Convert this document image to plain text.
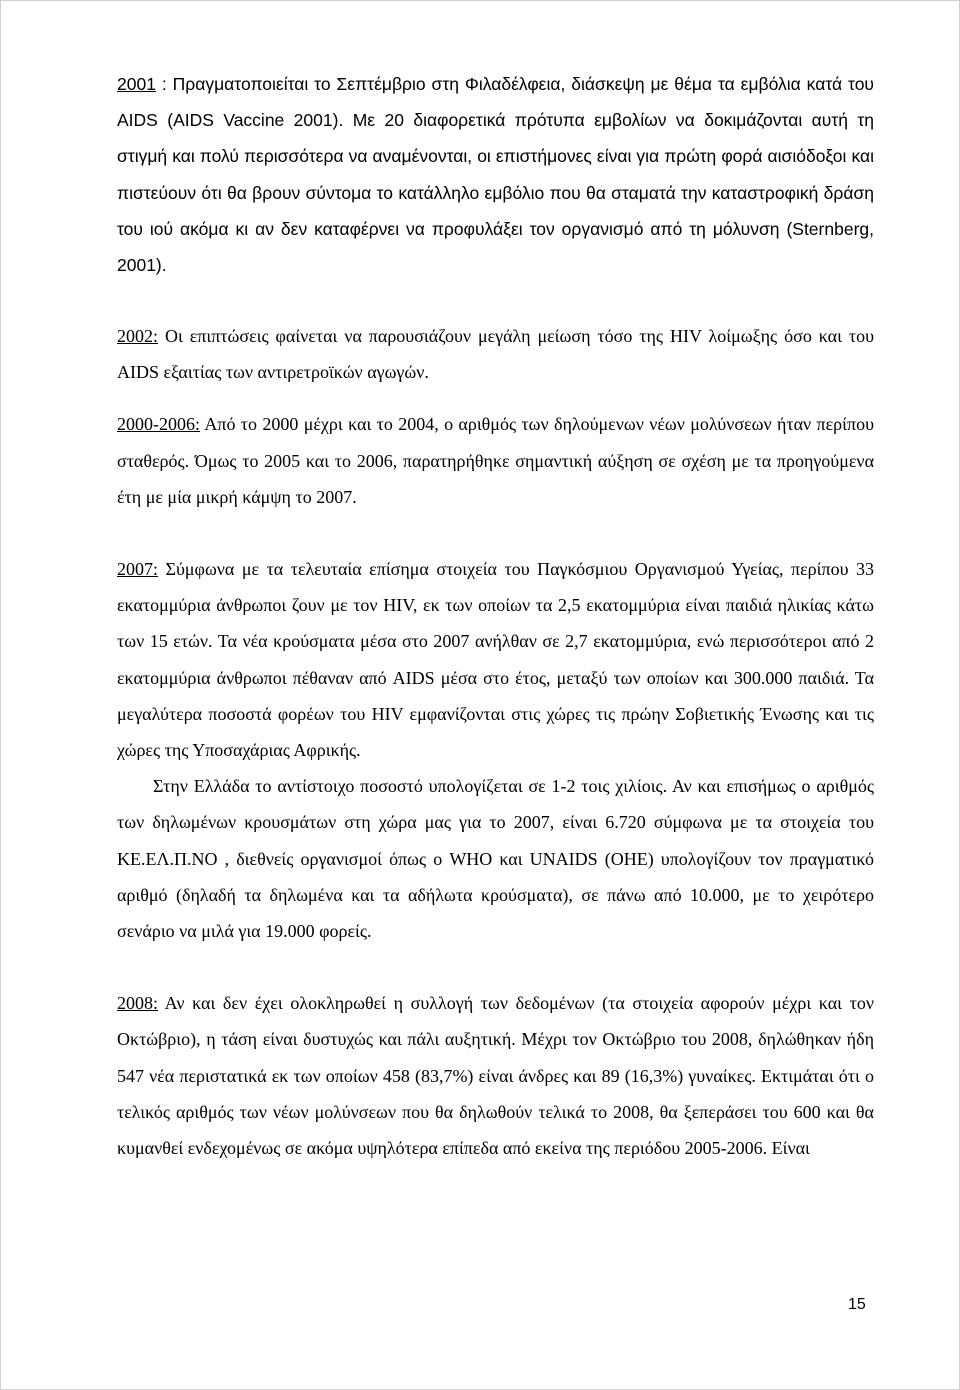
2001 : Πραγματοποιείται το Σεπτέμβριο στη Φιλαδέλφεια, διάσκεψη με θέμα τα εμβόλια κατά του AIDS (AIDS Vaccine 2001). Με 20 διαφορετικά πρότυπα εμβολίων να δοκιμάζονται αυτή τη στιγμή και πολύ περισσότερα να αναμένονται, οι επιστήμονες είναι για πρώτη φορά αισιόδοξοι και πιστεύουν ότι θα βρουν σύντομα το κατάλληλο εμβόλιο που θα σταματά την καταστροφική δράση του ιού ακόμα κι αν δεν καταφέρνει να προφυλάξει τον οργανισμό από τη μόλυνση (Sternberg, 2001).

2002: Οι επιπτώσεις φαίνεται να παρουσιάζουν μεγάλη μείωση τόσο της HIV λοίμωξης όσο και του AIDS εξαιτίας των αντιρετροϊκών αγωγών.

2000-2006: Από το 2000 μέχρι και το 2004, ο αριθμός των δηλούμενων νέων μολύνσεων ήταν περίπου σταθερός. Όμως το 2005 και το 2006, παρατηρήθηκε σημαντική αύξηση σε σχέση με τα προηγούμενα έτη με μία μικρή κάμψη το 2007.

2007: Σύμφωνα με τα τελευταία επίσημα στοιχεία του Παγκόσμιου Οργανισμού Υγείας, περίπου 33 εκατομμύρια άνθρωποι ζουν με τον HIV, εκ των οποίων τα 2,5 εκατομμύρια είναι παιδιά ηλικίας κάτω των 15 ετών. Τα νέα κρούσματα μέσα στο 2007 ανήλθαν σε 2,7 εκατομμύρια, ενώ περισσότεροι από 2 εκατομμύρια άνθρωποι πέθαναν από AIDS μέσα στο έτος, μεταξύ των οποίων και 300.000 παιδιά. Τα μεγαλύτερα ποσοστά φορέων του HIV εμφανίζονται στις χώρες τις πρώην Σοβιετικής Ένωσης και τις χώρες της Υποσαχάριας Αφρικής.

Στην Ελλάδα το αντίστοιχο ποσοστό υπολογίζεται σε 1-2 τοις χιλίοις. Αν και επισήμως ο αριθμός των δηλωμένων κρουσμάτων στη χώρα μας για το 2007, είναι 6.720 σύμφωνα με τα στοιχεία του ΚΕ.ΕΛ.Π.ΝΟ , διεθνείς οργανισμοί όπως ο WHO και UNAIDS (ΟΗΕ) υπολογίζουν τον πραγματικό αριθμό (δηλαδή τα δηλωμένα και τα αδήλωτα κρούσματα), σε πάνω από 10.000, με το χειρότερο σενάριο να μιλά για 19.000 φορείς.

2008: Αν και δεν έχει ολοκληρωθεί η συλλογή των δεδομένων (τα στοιχεία αφορούν μέχρι και τον Οκτώβριο), η τάση είναι δυστυχώς και πάλι αυξητική. Μέχρι τον Οκτώβριο του 2008, δηλώθηκαν ήδη 547 νέα περιστατικά εκ των οποίων 458 (83,7%) είναι άνδρες και 89 (16,3%) γυναίκες. Εκτιμάται ότι ο τελικός αριθμός των νέων μολύνσεων που θα δηλωθούν τελικά το 2008, θα ξεπεράσει του 600 και θα κυμανθεί ενδεχομένως σε ακόμα υψηλότερα επίπεδα από εκείνα της περιόδου 2005-2006. Είναι

15
